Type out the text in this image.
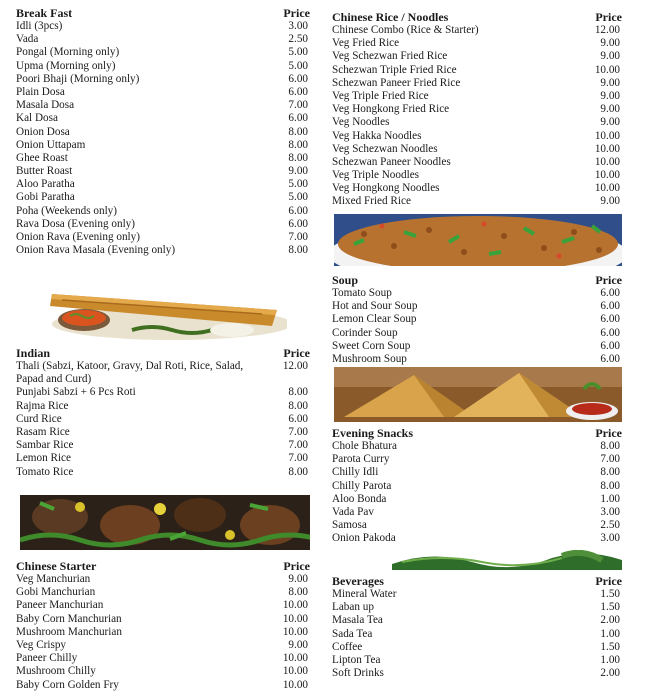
Break Fast	Price
Idli (3pcs)	3.00
Vada	2.50
Pongal (Morning only)	5.00
Upma (Morning only)	5.00
Poori Bhaji (Morning only)	6.00
Plain Dosa	6.00
Masala Dosa	7.00
Kal Dosa	6.00
Onion Dosa	8.00
Onion Uttapam	8.00
Ghee Roast	8.00
Butter Roast	9.00
Aloo Paratha	5.00
Gobi Paratha	5.00
Poha (Weekends only)	6.00
Rava Dosa (Evening only)	6.00
Onion Rava (Evening only)	7.00
Onion Rava Masala (Evening only)	8.00
Indian	Price
Thali (Sabzi, Katoor, Gravy, Dal Roti, Rice, Salad, Papad and Curd)
12.00
Punjabi Sabzi + 6 Pcs Roti	8.00
Rajma Rice	8.00
Curd Rice	6.00
Rasam Rice	7.00
Sambar Rice	7.00
Lemon Rice	7.00
Tomato Rice	8.00
Chinese Starter	Price
Veg Manchurian	9.00
Gobi Manchurian	8.00
Paneer Manchurian	10.00
Baby Corn Manchurian	10.00
Mushroom Manchurian	10.00
Veg Crispy	9.00
Paneer Chilly	10.00
Mushroom Chilly	10.00
Baby Corn Golden Fry	10.00
Chinese Rice / Noodles	Price
Chinese Combo (Rice & Starter)	12.00
Veg Fried Rice	9.00
Veg Schezwan Fried Rice	9.00
Schezwan Triple Fried Rice	10.00
Schezwan Paneer Fried Rice	9.00
Veg Triple Fried Rice	9.00
Veg Hongkong Fried Rice	9.00
Veg Noodles	9.00
Veg Hakka Noodles	10.00
Veg Schezwan Noodles	10.00
Schezwan Paneer Noodles	10.00
Veg Triple Noodles	10.00
Veg Hongkong Noodles	10.00
Mixed Fried Rice	9.00
Soup	Price
Tomato Soup	6.00
Hot and Sour Soup	6.00
Lemon Clear Soup	6.00
Corinder Soup	6.00
Sweet Corn Soup	6.00
Mushroom Soup	6.00
Evening Snacks	Price
Chole Bhatura	8.00
Parota Curry	7.00
Chilly Idli	8.00
Chilly Parota	8.00
Aloo Bonda	1.00
Vada Pav	3.00
Samosa	2.50
Onion Pakoda	3.00
Beverages	Price
Mineral Water	1.50
Laban up	1.50
Masala Tea	2.00
Sada Tea	1.00
Coffee	1.50
Lipton Tea	1.00
Soft Drinks	2.00
